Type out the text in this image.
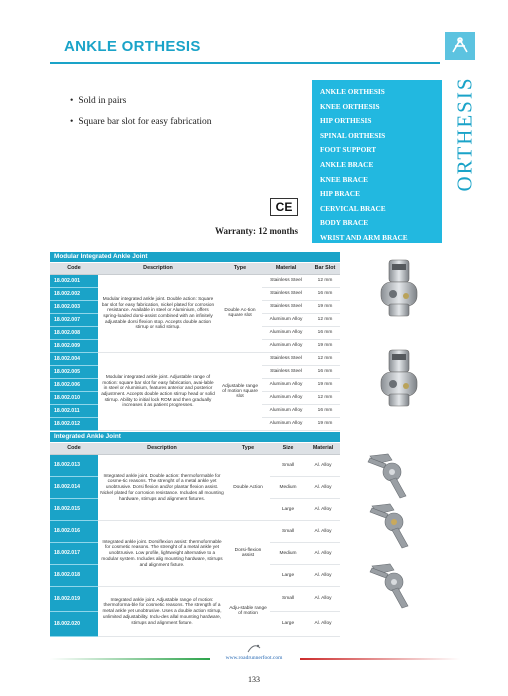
ANKLE ORTHESIS
• Sold in pairs
• Square bar slot for easy fabrication
CE
Warranty: 12 months
ANKLE ORTHESIS
KNEE ORTHESIS
HIP ORTHESIS
SPINAL ORTHESIS
FOOT SUPPORT
ANKLE BRACE
KNEE BRACE
HIP BRACE
CERVICAL BRACE
BODY BRACE
WRIST AND ARM BRACE
ORTHESIS
Modular Integrated Ankle Joint
Code	Description	Type	Material	Bar Slot
18.002.001	Modular integrated ankle joint. Double action: Square bar slot for easy fabrication, nickel plated for corrosion resistance. Available in steel or Aluminium, offers spring-loaded dorsi-assist combined with an infinitely adjustable dorsi flexion stop. Accepts double action stirrup or solid stirrup.	Double Ac-tion square slot	Stainless Steel	12 mm
18.002.002			Stainless Steel	16 mm
18.002.003			Stainless Steel	19 mm
18.002.007			Aluminum Alloy	12 mm
18.002.008			Aluminum Alloy	16 mm
18.002.009			Aluminum Alloy	19 mm
18.002.004	Modular integrated ankle joint. Adjustable range of motion: square bar slot for easy fabrication, avai-lable in steel or Aluminium, features anterior and posterior adjustment. Accepts double action stirrup head or solid stirrup. Ability to initial lock ROM and then gradually increases it as patient progresses.	Adjustable range of motion square slot	Stainless Steel	12 mm
18.002.005			Stainless Steel	16 mm
18.002.006			Aluminum Alloy	19 mm
18.002.010			Aluminum Alloy	12 mm
18.002.011			Aluminum Alloy	16 mm
18.002.012			Aluminum Alloy	19 mm
Integrated Ankle Joint
Code	Description	Type	Size	Material
18.002.013	Integrated ankle joint. Double action: thermoformable for cosme-tic reasons. The strenght of a metal ankle yet unobtrusive. Dorsi flexion and/or plantar flexion assist. Nickel plated for corrosion resistance. Includes all mounting hardware, stirrups and alignment fixtures.	Double Action	Small	Al. Alloy
18.002.014			Medium	Al. Alloy
18.002.015			Large	Al. Alloy
18.002.016	Integrated ankle joint. Dorsiflexion assist: thermoformable for cosmetic reasons. The strenght of a metal ankle yet unobtrusive. Low profile, lightweight alternative to a modular system. Includes alig mounting hardware, stirrups and alignment fixture.	Dorsi-flexion assist	Small	Al. Alloy
18.002.017			Medium	Al. Alloy
18.002.018			Large	Al. Alloy
18.002.019	Integrated ankle joint. Adjustable range of motion: thermoforma-ble for cosmetic reasons. The strength of a metal ankle yet unobtrusive. Uses a double action stirrup, unlimited adjustability. Inclu-des allal mounting hardware, stirrups and alignment fixture.	Adju-stable range of motion	Small	Al. Alloy
18.002.020			Large	Al. Alloy
www.roadrunnerfoot.com
133
